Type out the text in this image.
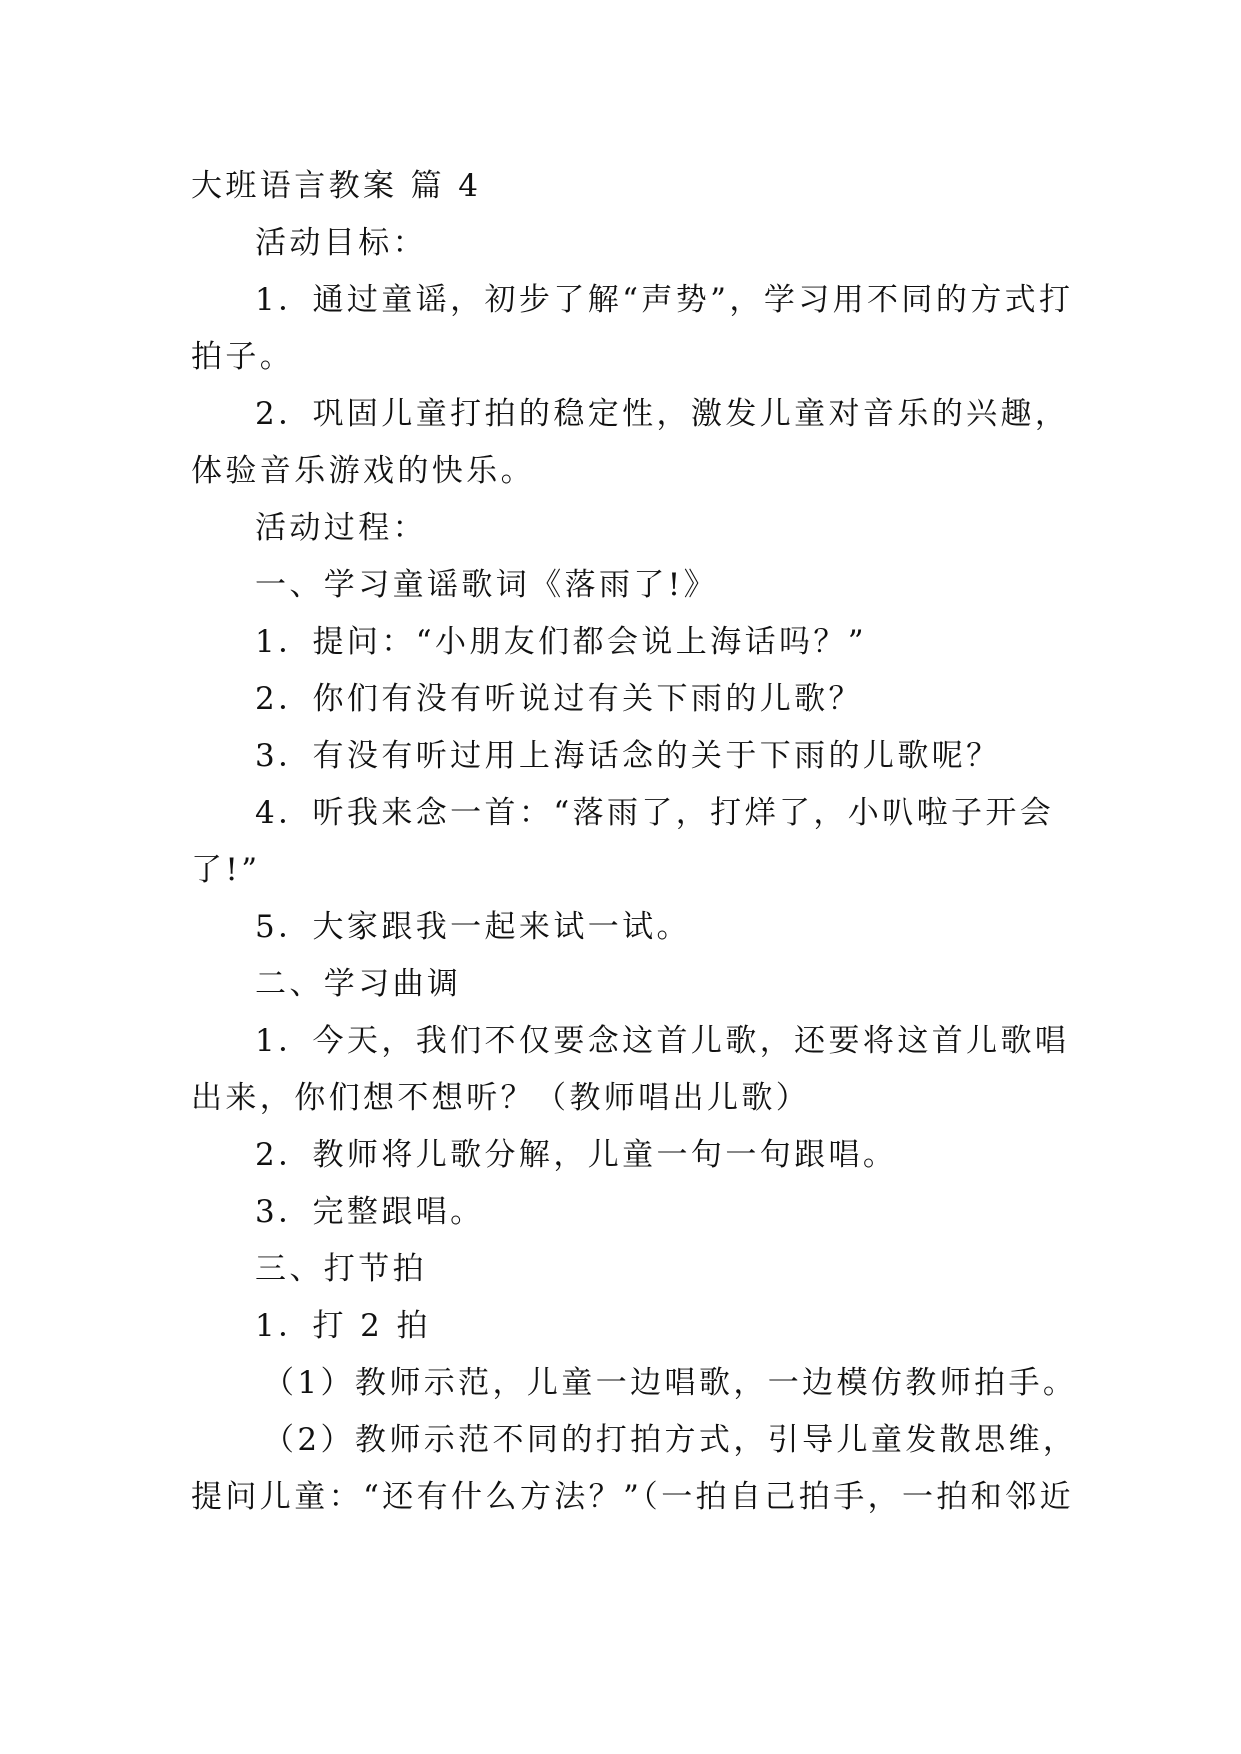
大班语言教案 篇 4
活动目标：
1．通过童谣，初步了解“声势”，学习用不同的方式打
拍子。
2．巩固儿童打拍的稳定性，激发儿童对音乐的兴趣，
体验音乐游戏的快乐。
活动过程：
一、学习童谣歌词《落雨了!》
1．提问：“小朋友们都会说上海话吗？”
2．你们有没有听说过有关下雨的儿歌？
3．有没有听过用上海话念的关于下雨的儿歌呢？
4．听我来念一首：“落雨了，打烊了，小叭啦子开会
了!”
5．大家跟我一起来试一试。
二、学习曲调
1．今天，我们不仅要念这首儿歌，还要将这首儿歌唱
出来，你们想不想听？（教师唱出儿歌）
2．教师将儿歌分解，儿童一句一句跟唱。
3．完整跟唱。
三、打节拍
1．打 2 拍
（1）教师示范，儿童一边唱歌，一边模仿教师拍手。
（2）教师示范不同的打拍方式，引导儿童发散思维，
提问儿童：“还有什么方法？”（一拍自己拍手，一拍和邻近
